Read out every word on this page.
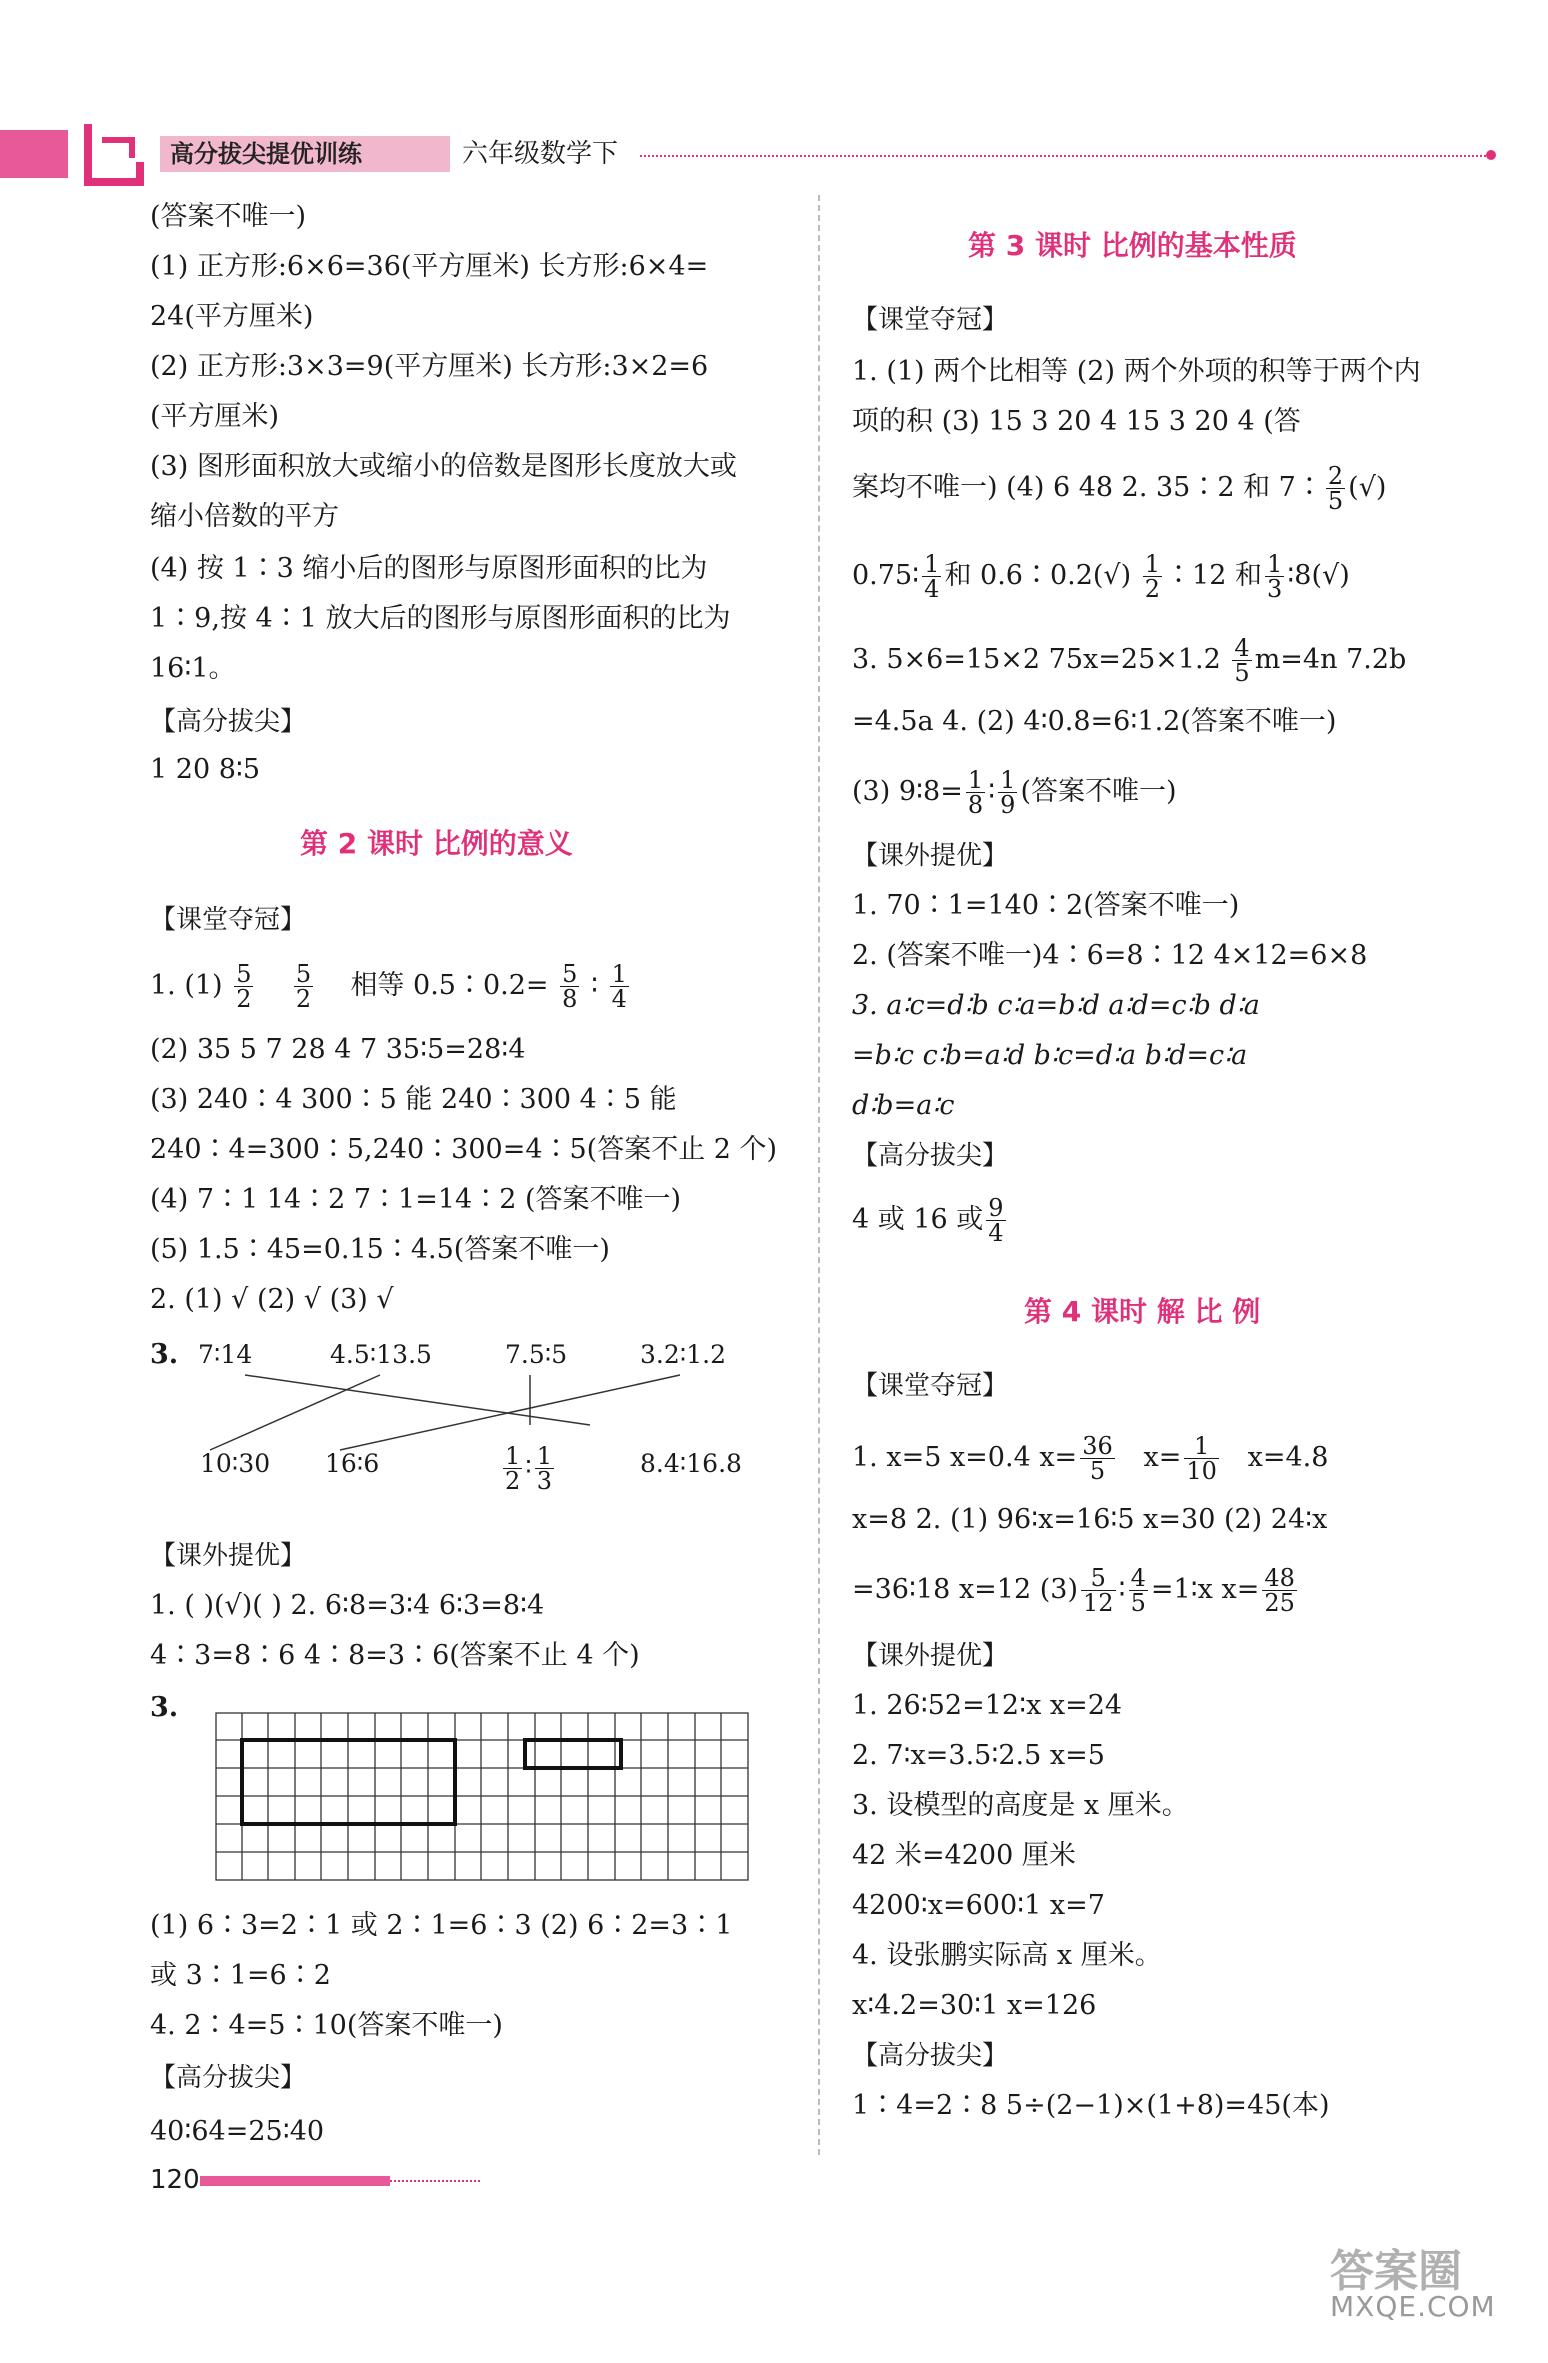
高分拔尖提优训练	六年级数学下
(答案不唯一)
(1) 正方形:6×6=36(平方厘米) 长方形:6×4=
24(平方厘米)
(2) 正方形:3×3=9(平方厘米) 长方形:3×2=6
(平方厘米)
(3) 图形面积放大或缩小的倍数是图形长度放大或
缩小倍数的平方
(4) 按 1∶3 缩小后的图形与原图形面积的比为
1∶9,按 4∶1 放大后的图形与原图形面积的比为
16∶1。
【高分拔尖】
1 20 8∶5
第 2 课时 比例的意义
【课堂夺冠】
1. $(1) \frac{5}{2}$
$\frac{5}{2}$ 相等 0.5∶0.2= $\frac{5}{8}$ ∶ $\frac{1}{4}$
(2) 35 5 7 28 4 7 35∶5=28∶4
(3) 240∶4 300∶5 能 240∶300 4∶5 能
240∶4=300∶5,240∶300=4∶5(答案不止 2 个)
(4) 7∶1 14∶2 7∶1=14∶2 (答案不唯一)
(5) 1.5∶45=0.15∶4.5(答案不唯一)
2. (1) √ (2) √ (3) √
3. 7∶14	4.5∶13.5	7.5∶5	3.2∶1.2
10∶30 16∶6	$\frac{1}{2}$ ∶ $\frac{1}{3}$	8.4∶16.8
【课外提优】
1. ( )(√)( ) 2. 6∶8=3∶4 6∶3=8∶4
4∶3=8∶6 4∶8=3∶6(答案不止 4 个)
3.
(1) 6∶3=2∶1 或 2∶1=6∶3 (2) 6∶2=3∶1
或 3∶1=6∶2
4. 2∶4=5∶10(答案不唯一)
【高分拔尖】
40∶64=25∶40
第 3 课时 比例的基本性质
【课堂夺冠】
1. (1) 两个比相等 (2) 两个外项的积等于两个内
项的积 (3) 15 3 20 4 15 3 20 4 (答
案均不唯一) (4) 6 48 2. 35∶2 和 7∶ $\frac{2}{5}$ (√)
0.75∶ $\frac{1}{4}$ 和 0.6∶0.2(√) $\frac{1}{2}$ ∶12 和 $\frac{1}{3}$ ∶8(√)
3. 5×6=15×2 $75x=25\times 1.2 \frac{4}{5} m=4n$ 7.2b
=4.5a 4. (2) 4∶0.8=6∶1.2(答案不唯一)
(3) 9∶8= $\frac{1}{8}$ ∶ $\frac{1}{9}$ (答案不唯一)
【课外提优】
1. 70∶1=140∶2(答案不唯一)
2. (答案不唯一)4∶6=8∶12 4×12=6×8
3. a∶c=d∶b c∶a=b∶d a∶d=c∶b d∶a
=b∶c c∶b=a∶d b∶c=d∶a b∶d=c∶a
d∶b=a∶c
【高分拔尖】
4 或 16 或 $\frac{9}{4}$
第 4 课时 解 比 例
【课堂夺冠】
1. x=5 x=0.4 $x= \frac{36}{5} x= \frac{1}{10} x=4.8$
x=8 2. (1) 96∶x=16∶5 x=30 (2) 24∶x
=36∶18 x=12 $(3) \frac{5}{12}$ ∶ $\frac{4}{5}$ =1∶x $x= \frac{48}{25}$
【课外提优】
1. 26∶52=12∶x x=24
2. 7∶x=3.5∶2.5 x=5
3. 设模型的高度是 x 厘米。
42 米=4200 厘米
4200∶x=600∶1 x=7
4. 设张鹏实际高 x 厘米。
x∶4.2=30∶1 x=126
【高分拔尖】
1∶4=2∶8 5÷(2−1)×(1+8)=45(本)
120
答案圈
MXQE.COM
